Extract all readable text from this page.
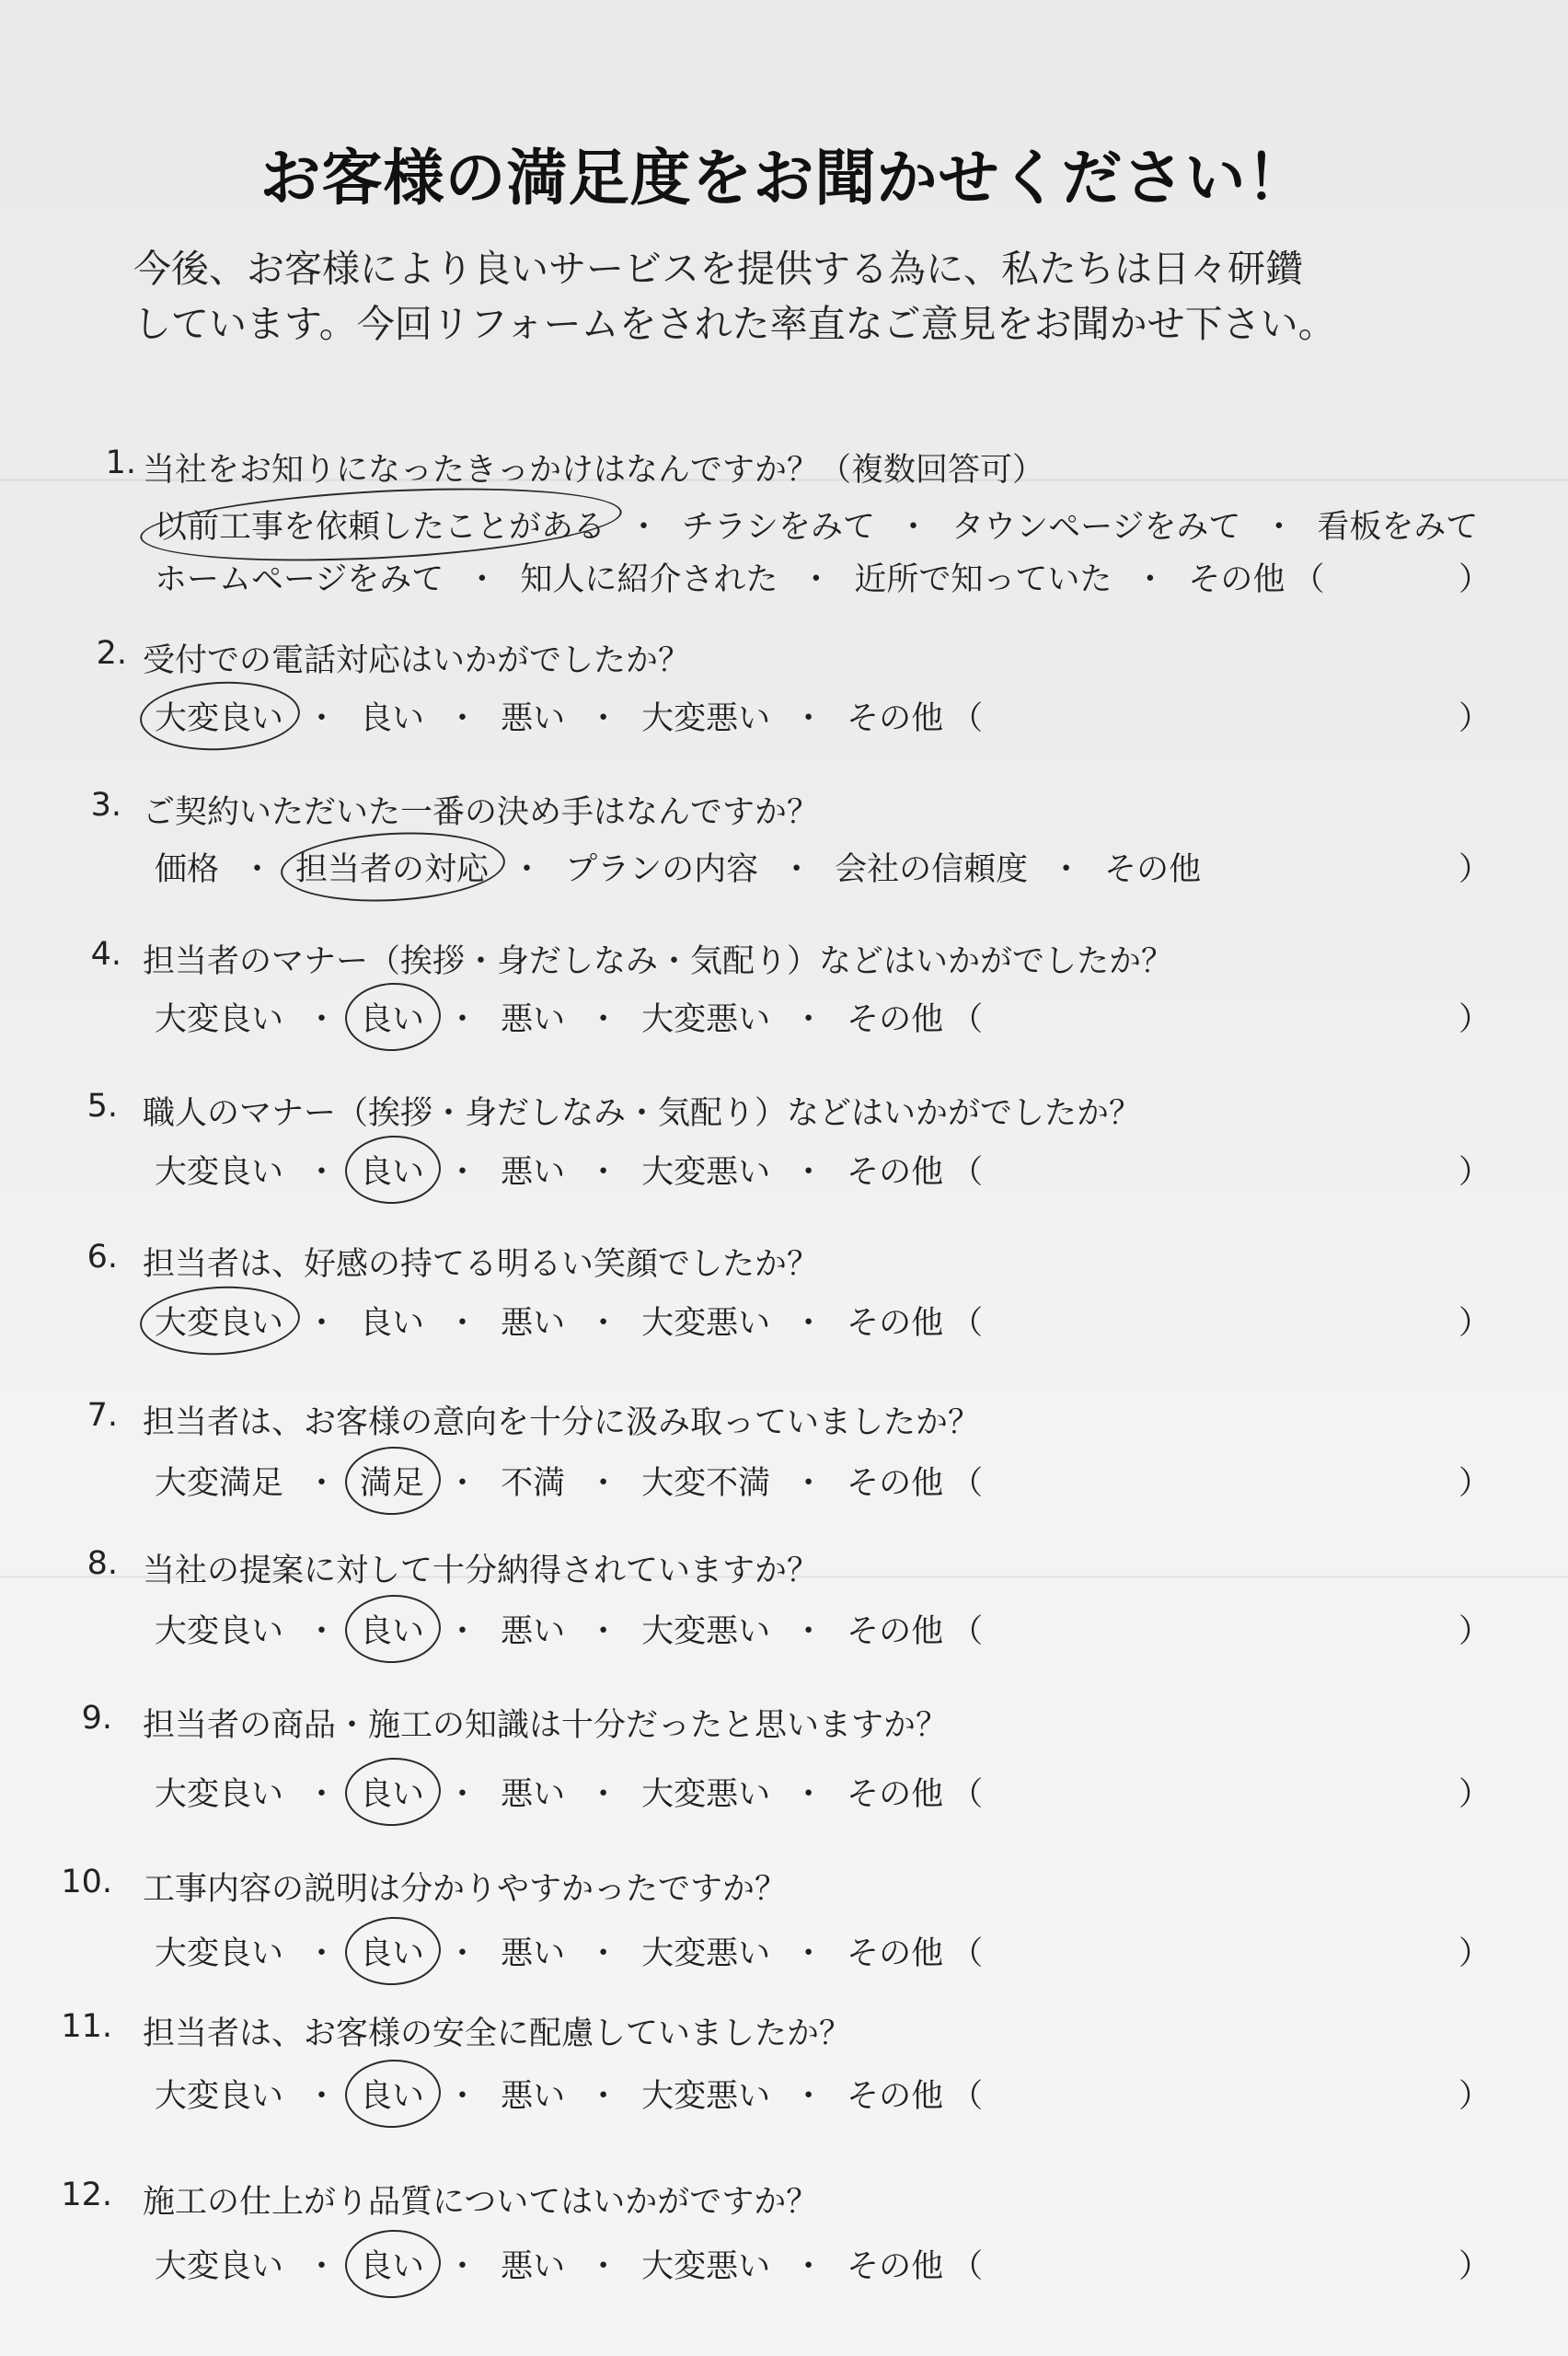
お客様の満足度をお聞かせください！
今後、お客様により良いサービスを提供する為に、私たちは日々研鑽
しています。今回リフォームをされた率直なご意見をお聞かせ下さい。
1. 当社をお知りになったきっかけはなんですか？（複数回答可）
以前工事を依頼したことがある ・ チラシをみて ・ タウンページをみて ・ 看板をみて
ホームページをみて ・ 知人に紹介された ・ 近所で知っていた ・ その他 （	）
2. 受付での電話対応はいかがでしたか？
大変良い ・ 良い ・ 悪い ・ 大変悪い ・ その他 （	）
3. ご契約いただいた一番の決め手はなんですか？
価格 ・ 担当者の対応 ・ プランの内容 ・ 会社の信頼度 ・ その他	）
4. 担当者のマナー（挨拶・身だしなみ・気配り）などはいかがでしたか？
大変良い ・ 良い ・ 悪い ・ 大変悪い ・ その他 （	）
5. 職人のマナー（挨拶・身だしなみ・気配り）などはいかがでしたか？
大変良い ・ 良い ・ 悪い ・ 大変悪い ・ その他 （	）
6. 担当者は、好感の持てる明るい笑顔でしたか？
大変良い ・ 良い ・ 悪い ・ 大変悪い ・ その他 （	）
7. 担当者は、お客様の意向を十分に汲み取っていましたか？
大変満足 ・ 満足 ・ 不満 ・ 大変不満 ・ その他 （	）
8. 当社の提案に対して十分納得されていますか？
大変良い ・ 良い ・ 悪い ・ 大変悪い ・ その他 （	）
9. 担当者の商品・施工の知識は十分だったと思いますか？
大変良い ・ 良い ・ 悪い ・ 大変悪い ・ その他 （	）
10. 工事内容の説明は分かりやすかったですか？
大変良い ・ 良い ・ 悪い ・ 大変悪い ・ その他 （	）
11. 担当者は、お客様の安全に配慮していましたか？
大変良い ・ 良い ・ 悪い ・ 大変悪い ・ その他 （	）
12. 施工の仕上がり品質についてはいかがですか？
大変良い ・ 良い ・ 悪い ・ 大変悪い ・ その他 （	）
